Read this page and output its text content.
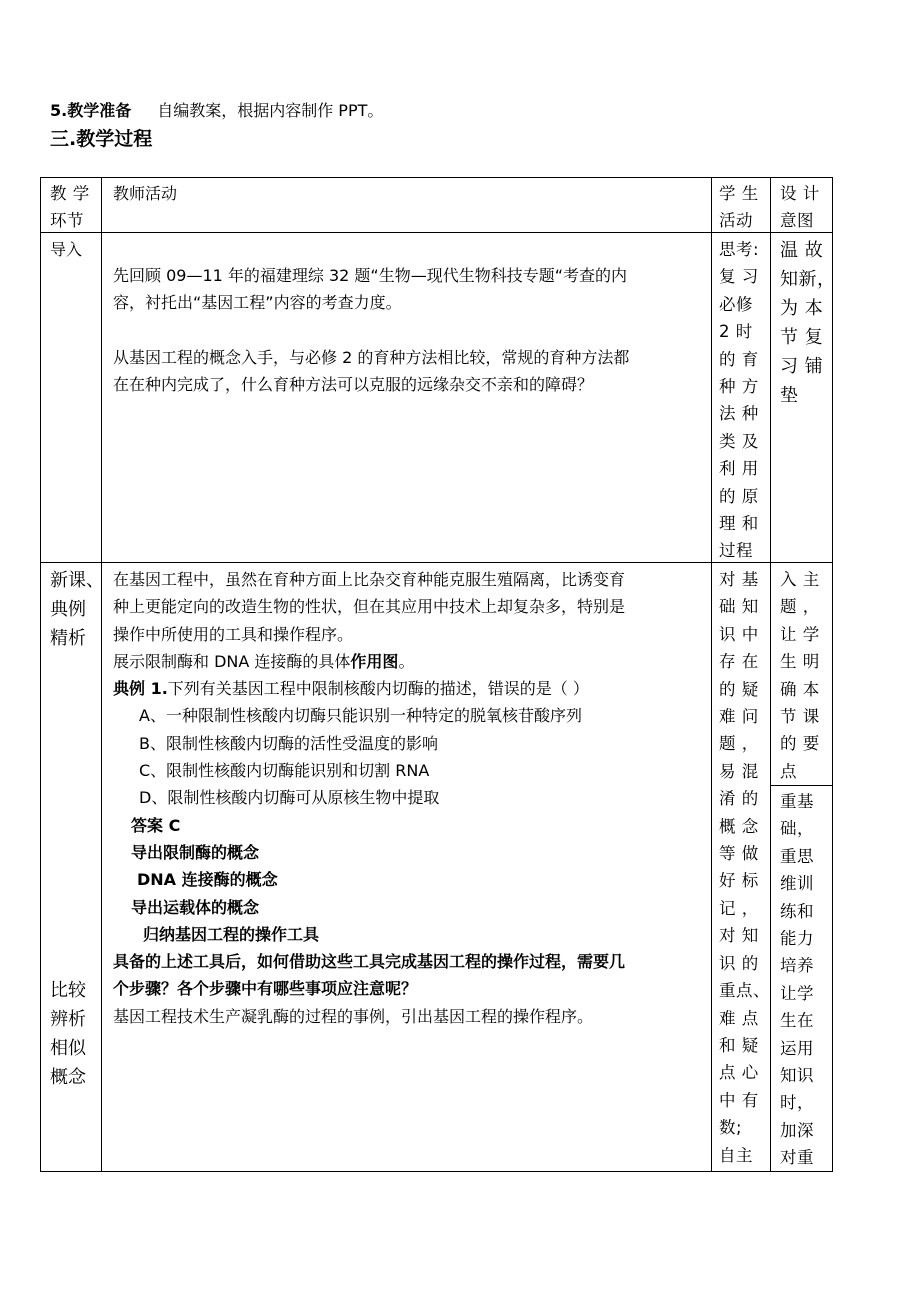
5.教学准备 自编教案，根据内容制作 PPT。
三.教学过程
教 学
环节
教师活动	学 生
活动
设 计
意图
导入
先回顾 09—11 年的福建理综 32 题“生物—现代生物科技专题“考查的内
容，衬托出“基因工程”内容的考查力度。
从基因工程的概念入手，与必修 2 的育种方法相比较，常规的育种方法都
在在种内完成了，什么育种方法可以克服的远缘杂交不亲和的障碍？
思考:
复 习
必修
2 时
的 育
种 方
法 种
类 及
利 用
的 原
理 和
过程
温 故
知新，
为 本
节 复
习 铺
垫
新课、
典例
精析
比较
辨析
相似
概念
在基因工程中，虽然在育种方面上比杂交育种能克服生殖隔离，比诱变育
种上更能定向的改造生物的性状，但在其应用中技术上却复杂多，特别是
操作中所使用的工具和操作程序。
展示限制酶和 DNA 连接酶的具体作用图。
典例 1.下列有关基因工程中限制核酸内切酶的描述，错误的是（ ）
A、一种限制性核酸内切酶只能识别一种特定的脱氧核苷酸序列
B、限制性核酸内切酶的活性受温度的影响
C、限制性核酸内切酶能识别和切割 RNA
D、限制性核酸内切酶可从原核生物中提取
答案 C
导出限制酶的概念
DNA 连接酶的概念
导出运载体的概念
归纳基因工程的操作工具
具备的上述工具后，如何借助这些工具完成基因工程的操作过程，需要几
个步骤？各个步骤中有哪些事项应注意呢？
基因工程技术生产凝乳酶的过程的事例，引出基因工程的操作程序。
对 基
础 知
识 中
存 在
的 疑
难 问
题 ，
易 混
淆 的
概 念
等 做
好 标
记 ，
对 知
识 的
重点、
难 点
和 疑
点 心
中 有
数;
自主
入 主
题 ，
让 学
生 明
确 本
节 课
的 要
点
重基
础，
重思
维训
练和
能力
培养
让学
生在
运用
知识
时，
加深
对重
